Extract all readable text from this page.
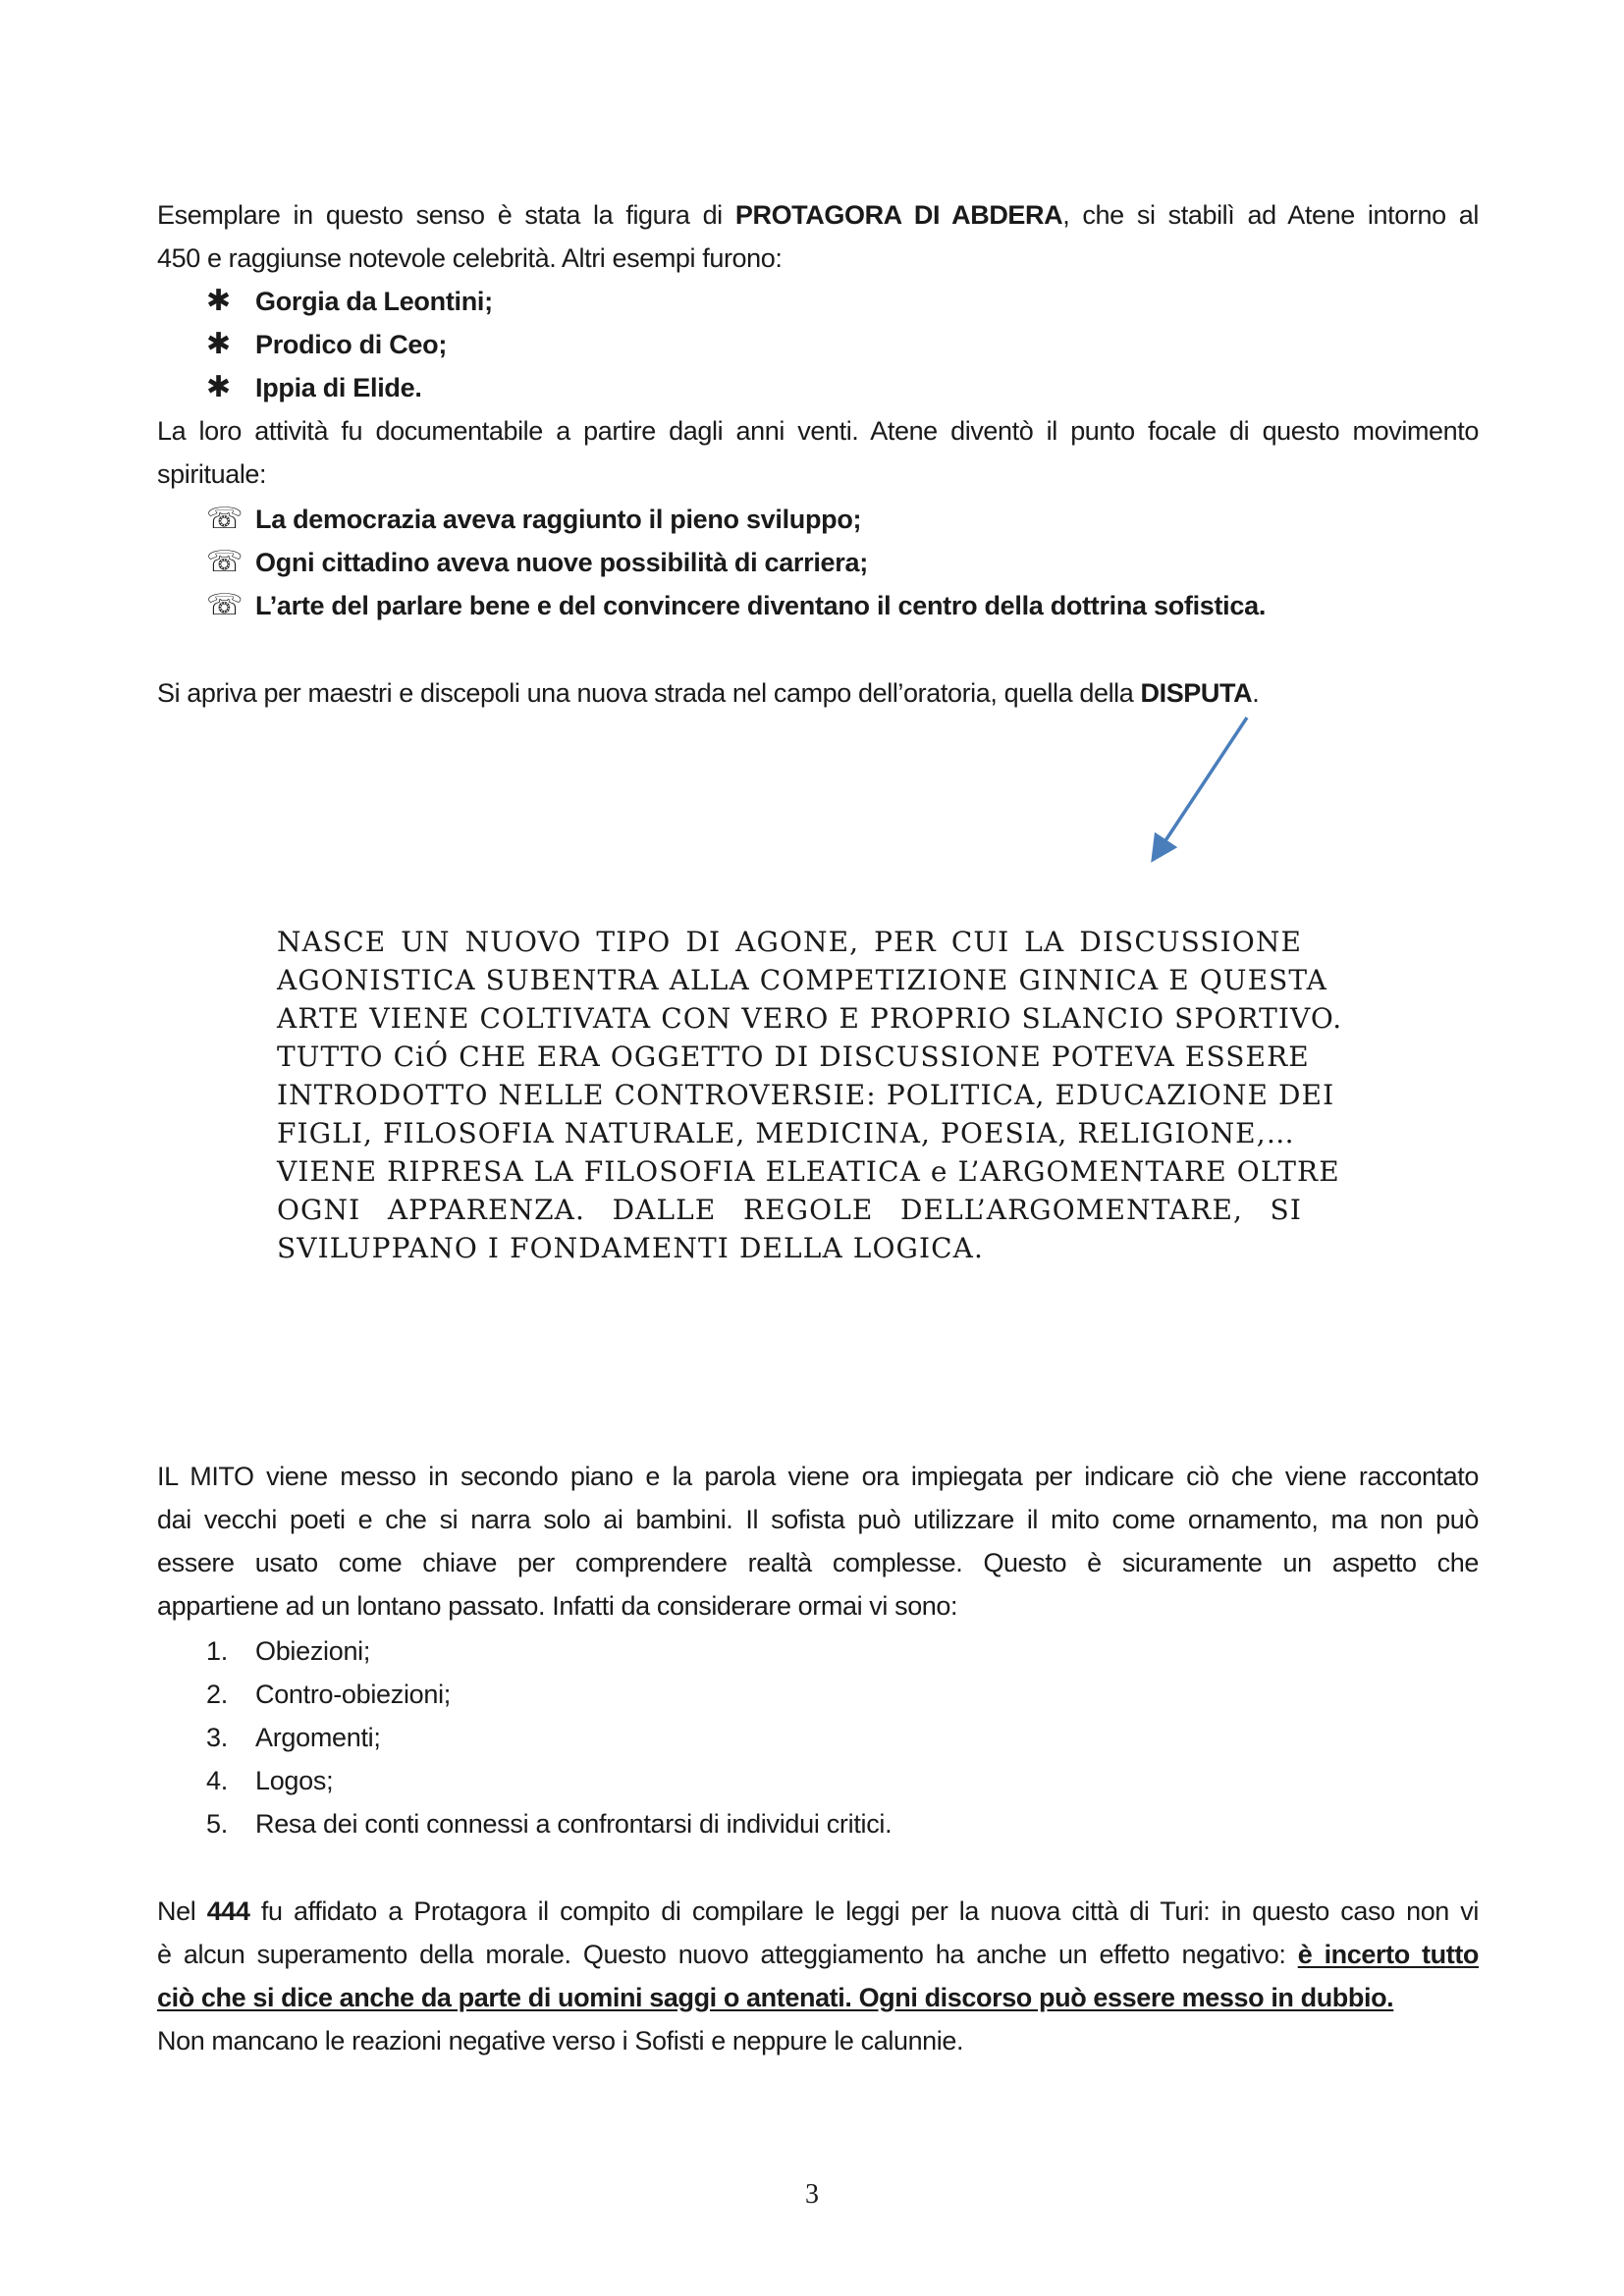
Esemplare in questo senso è stata la figura di PROTAGORA DI ABDERA, che si stabilì ad Atene intorno al
450 e raggiunse notevole celebrità. Altri esempi furono:

✱ Gorgia da Leontini;
✱ Prodico di Ceo;
✱ Ippia di Elide.

La loro attività fu documentabile a partire dagli anni venti. Atene diventò il punto focale di questo movimento
spirituale:

☏ La democrazia aveva raggiunto il pieno sviluppo;
☏ Ogni cittadino aveva nuove possibilità di carriera;
☏ L’arte del parlare bene e del convincere diventano il centro della dottrina sofistica.

Si apriva per maestri e discepoli una nuova strada nel campo dell’oratoria, quella della DISPUTA.

NASCE UN NUOVO TIPO DI AGONE, PER CUI LA DISCUSSIONE
AGONISTICA SUBENTRA ALLA COMPETIZIONE GINNICA E QUESTA
ARTE VIENE COLTIVATA CON VERO E PROPRIO SLANCIO SPORTIVO.
TUTTO CiÓ CHE ERA OGGETTO DI DISCUSSIONE POTEVA ESSERE
INTRODOTTO NELLE CONTROVERSIE: POLITICA, EDUCAZIONE DEI
FIGLI, FILOSOFIA NATURALE, MEDICINA, POESIA, RELIGIONE,…
VIENE RIPRESA LA FILOSOFIA ELEATICA e L’ARGOMENTARE OLTRE
OGNI APPARENZA. DALLE REGOLE DELL’ARGOMENTARE, SI
SVILUPPANO I FONDAMENTI DELLA LOGICA.

IL MITO viene messo in secondo piano e la parola viene ora impiegata per indicare ciò che viene raccontato
dai vecchi poeti e che si narra solo ai bambini. Il sofista può utilizzare il mito come ornamento, ma non può
essere usato come chiave per comprendere realtà complesse. Questo è sicuramente un aspetto che
appartiene ad un lontano passato. Infatti da considerare ormai vi sono:

1.	Obiezioni;
2.	Contro-obiezioni;
3.	Argomenti;
4.	Logos;
5.	Resa dei conti connessi a confrontarsi di individui critici.

Nel 444 fu affidato a Protagora il compito di compilare le leggi per la nuova città di Turi: in questo caso non vi
è alcun superamento della morale. Questo nuovo atteggiamento ha anche un effetto negativo: è incerto tutto
ciò che si dice anche da parte di uomini saggi o antenati. Ogni discorso può essere messo in dubbio.
Non mancano le reazioni negative verso i Sofisti e neppure le calunnie.

3
